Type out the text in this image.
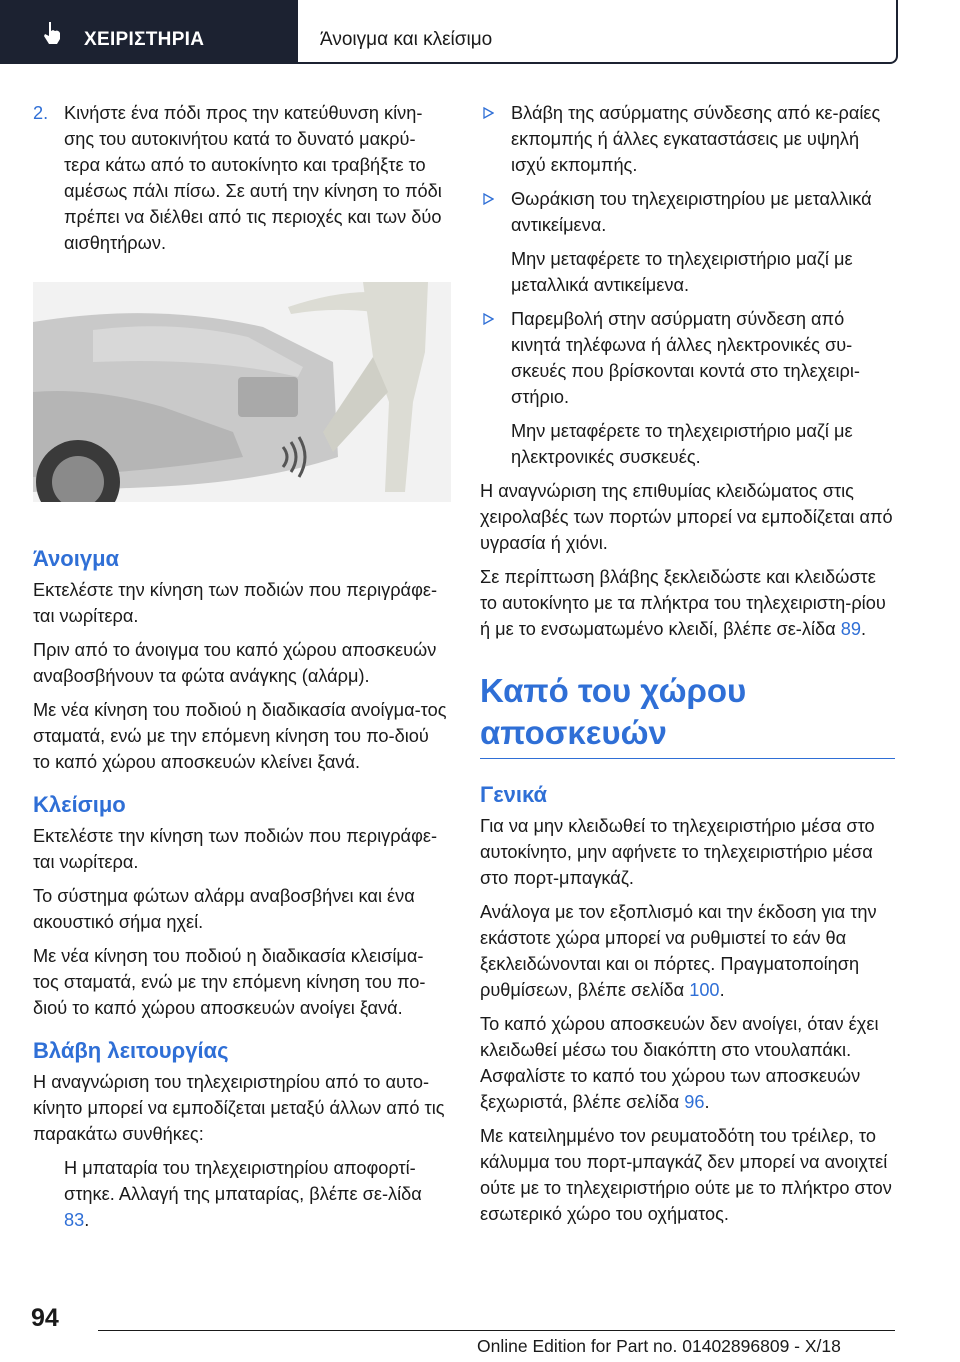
ΧΕΙΡΙΣΤΗΡΙΑ	Άνοιγμα και κλείσιμο
2. Κινήστε ένα πόδι προς την κατεύθυνση κίνη-σης του αυτοκινήτου κατά το δυνατό μακρύ-τερα κάτω από το αυτοκίνητο και τραβήξτε το αμέσως πάλι πίσω. Σε αυτή την κίνηση το πόδι πρέπει να διέλθει από τις περιοχές και των δύο αισθητήρων.
Άνοιγμα

Εκτελέστε την κίνηση των ποδιών που περιγράφε-ται νωρίτερα.

Πριν από το άνοιγμα του καπό χώρου αποσκευών αναβοσβήνουν τα φώτα ανάγκης (αλάρμ).

Με νέα κίνηση του ποδιού η διαδικασία ανοίγμα-τος σταματά, ενώ με την επόμενη κίνηση του πο-διού το καπό χώρου αποσκευών κλείνει ξανά.

Κλείσιμο

Εκτελέστε την κίνηση των ποδιών που περιγράφε-ται νωρίτερα.

Το σύστημα φώτων αλάρμ αναβοσβήνει και ένα ακουστικό σήμα ηχεί.

Με νέα κίνηση του ποδιού η διαδικασία κλεισίμα-τος σταματά, ενώ με την επόμενη κίνηση του πο-διού το καπό χώρου αποσκευών ανοίγει ξανά.

Βλάβη λειτουργίας

Η αναγνώριση του τηλεχειριστηρίου από το αυτο-κίνητο μπορεί να εμποδίζεται μεταξύ άλλων από τις παρακάτω συνθήκες:

Η μπαταρία του τηλεχειριστηρίου αποφορτί-στηκε. Αλλαγή της μπαταρίας, βλέπε σε-λίδα 83.
Βλάβη της ασύρματης σύνδεσης από κε-ραίες εκπομπής ή άλλες εγκαταστάσεις με υψηλή ισχύ εκπομπής.
Θωράκιση του τηλεχειριστηρίου με μεταλλικά αντικείμενα.

Μην μεταφέρετε το τηλεχειριστήριο μαζί με μεταλλικά αντικείμενα.

Παρεμβολή στην ασύρματη σύνδεση από κινητά τηλέφωνα ή άλλες ηλεκτρονικές συ-σκευές που βρίσκονται κοντά στο τηλεχειρι-στήριο.

Μην μεταφέρετε το τηλεχειριστήριο μαζί με ηλεκτρονικές συσκευές.

Η αναγνώριση της επιθυμίας κλειδώματος στις χειρολαβές των πορτών μπορεί να εμποδίζεται από υγρασία ή χιόνι.

Σε περίπτωση βλάβης ξεκλειδώστε και κλειδώστε το αυτοκίνητο με τα πλήκτρα του τηλεχειριστη-ρίου ή με το ενσωματωμένο κλειδί, βλέπε σε-λίδα 89.

Καπό του χώρου αποσκευών
Γενικά

Για να μην κλειδωθεί το τηλεχειριστήριο μέσα στο αυτοκίνητο, μην αφήνετε το τηλεχειριστήριο μέσα στο πορτ-μπαγκάζ.

Ανάλογα με τον εξοπλισμό και την έκδοση για την εκάστοτε χώρα μπορεί να ρυθμιστεί το εάν θα ξεκλειδώνονται και οι πόρτες. Πραγματοποίηση ρυθμίσεων, βλέπε σελίδα 100.

Το καπό χώρου αποσκευών δεν ανοίγει, όταν έχει κλειδωθεί μέσω του διακόπτη στο ντουλαπάκι. Ασφαλίστε το καπό του χώρου των αποσκευών ξεχωριστά, βλέπε σελίδα 96.

Με κατειλημμένο τον ρευματοδότη του τρέιλερ, το κάλυμμα του πορτ-μπαγκάζ δεν μπορεί να ανοιχτεί ούτε με το τηλεχειριστήριο ούτε με το πλήκτρο στον εσωτερικό χώρο του οχήματος.

94
Online Edition for Part no. 01402896809 - X/18
